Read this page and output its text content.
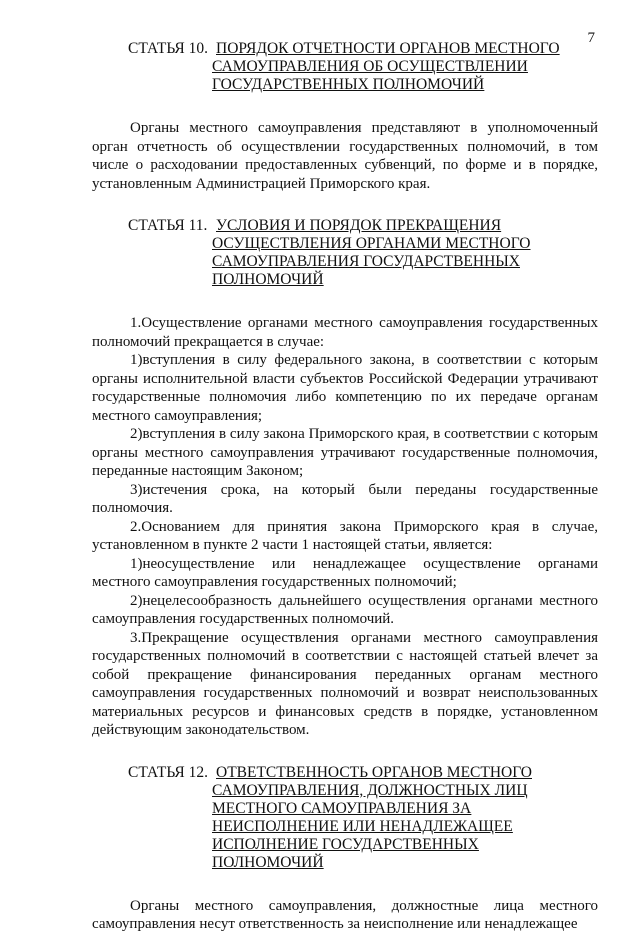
7
СТАТЬЯ 10. ПОРЯДОК ОТЧЕТНОСТИ ОРГАНОВ МЕСТНОГО
САМОУПРАВЛЕНИЯ ОБ ОСУЩЕСТВЛЕНИИ
ГОСУДАРСТВЕННЫХ ПОЛНОМОЧИЙ

Органы местного самоуправления представляют в уполномоченный орган отчетность об осуществлении государственных полномочий, в том числе о расходовании предоставленных субвенций, по форме и в порядке, установленным Администрацией Приморского края.

СТАТЬЯ 11. УСЛОВИЯ И ПОРЯДОК ПРЕКРАЩЕНИЯ
ОСУЩЕСТВЛЕНИЯ ОРГАНАМИ МЕСТНОГО
САМОУПРАВЛЕНИЯ ГОСУДАРСТВЕННЫХ
ПОЛНОМОЧИЙ

1.Осуществление органами местного самоуправления государственных полномочий прекращается в случае:

1)вступления в силу федерального закона, в соответствии с которым органы исполнительной власти субъектов Российской Федерации утрачивают государственные полномочия либо компетенцию по их передаче органам местного самоуправления;

2)вступления в силу закона Приморского края, в соответствии с которым органы местного самоуправления утрачивают государственные полномочия, переданные настоящим Законом;

3)истечения срока, на который были переданы государственные полномочия.

2.Основанием для принятия закона Приморского края в случае, установленном в пункте 2 части 1 настоящей статьи, является:

1)неосуществление или ненадлежащее осуществление органами местного самоуправления государственных полномочий;

2)нецелесообразность дальнейшего осуществления органами местного самоуправления государственных полномочий.

3.Прекращение осуществления органами местного самоуправления государственных полномочий в соответствии с настоящей статьей влечет за собой прекращение финансирования переданных органам местного самоуправления государственных полномочий и возврат неиспользованных материальных ресурсов и финансовых средств в порядке, установленном действующим законодательством.

СТАТЬЯ 12. ОТВЕТСТВЕННОСТЬ ОРГАНОВ МЕСТНОГО
САМОУПРАВЛЕНИЯ, ДОЛЖНОСТНЫХ ЛИЦ
МЕСТНОГО САМОУПРАВЛЕНИЯ ЗА
НЕИСПОЛНЕНИЕ ИЛИ НЕНАДЛЕЖАЩЕЕ
ИСПОЛНЕНИЕ ГОСУДАРСТВЕННЫХ
ПОЛНОМОЧИЙ

Органы местного самоуправления, должностные лица местного самоуправления несут ответственность за неисполнение или ненадлежащее
